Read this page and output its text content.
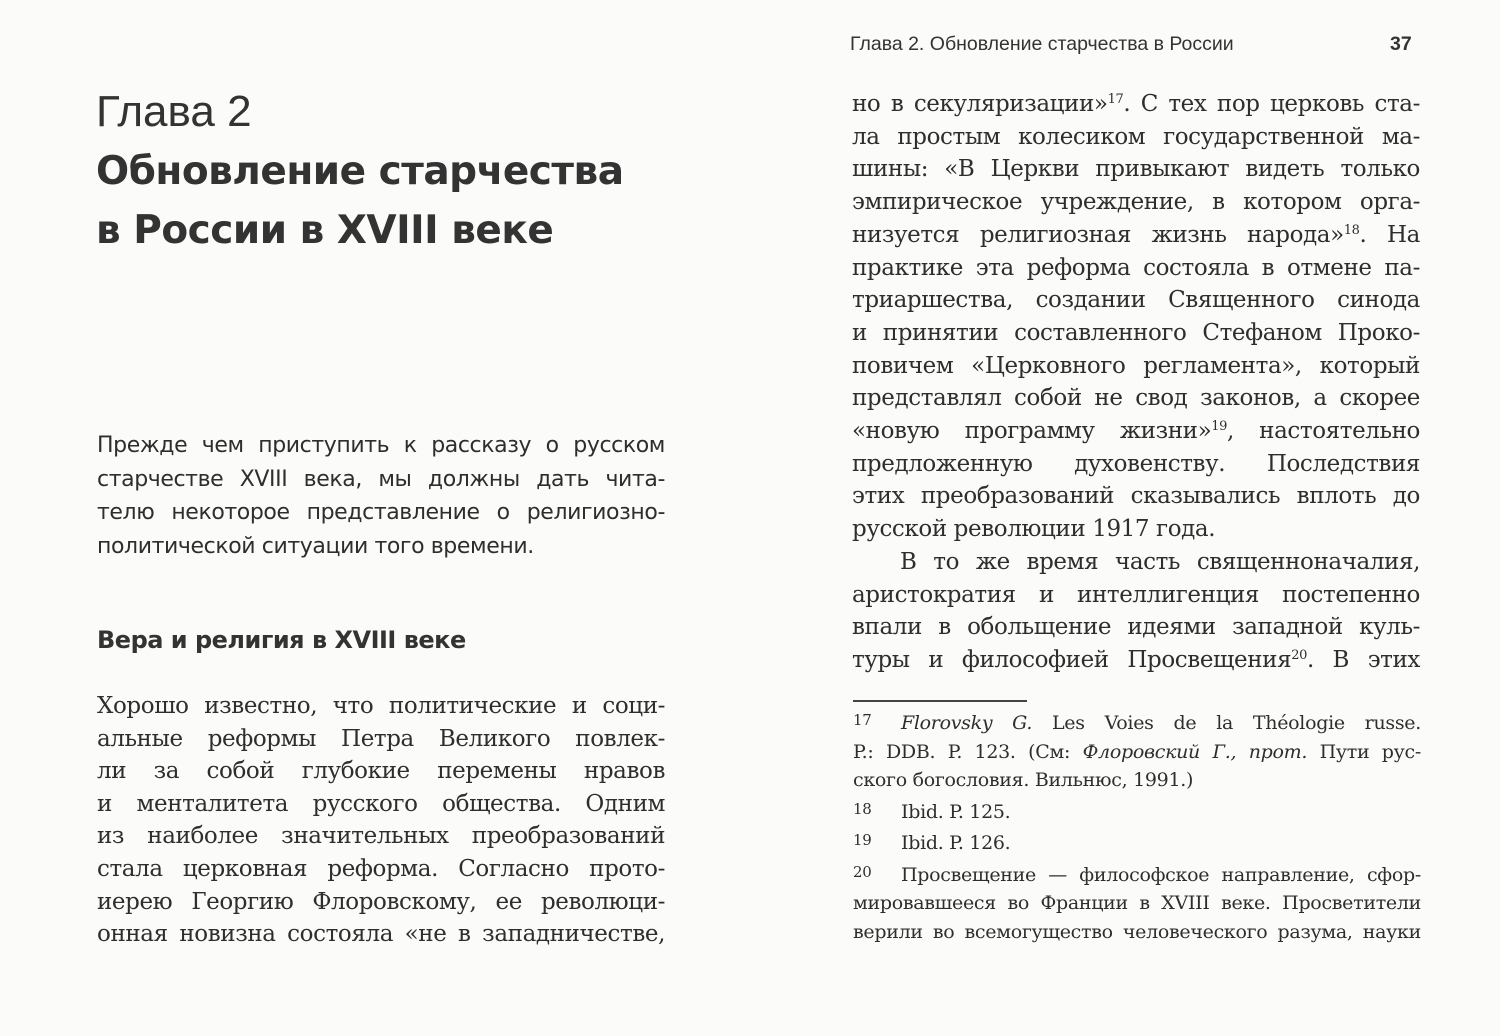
Глава 2
Обновление старчества
в России в XVIII веке
Прежде чем приступить к рассказу о русском
старчестве XVIII века, мы должны дать чита-
телю некоторое представление о религиозно-
политической ситуации того времени.
Вера и религия в XVIII веке
Хорошо известно, что политические и соци-
альные реформы Петра Великого повлек-
ли за собой глубокие перемены нравов
и менталитета русского общества. Одним
из наиболее значительных преобразований
стала церковная реформа. Согласно прото-
иерею Георгию Флоровскому, ее революци-
онная новизна состояла «не в западничестве,
Глава 2. Обновление старчества в России	37
но в секуляризации»$^{17}$. С тех пор церковь ста-
ла простым колесиком государственной ма-
шины: «В Церкви привыкают видеть только
эмпирическое учреждение, в котором орга-
низуется религиозная жизнь народа»$^{18}$. На
практике эта реформа состояла в отмене па-
триаршества, создании Священного синода
и принятии составленного Стефаном Проко-
повичем «Церковного регламента», который
представлял собой не свод законов, а скорее
«новую программу жизни»$^{19}$, настоятельно
предложенную духовенству. Последствия
этих преобразований сказывались вплоть до
русской революции 1917 года.
В то же время часть священноначалия,
аристократия и интеллигенция постепенно
впали в обольщение идеями западной куль-
туры и философией Просвещения$^{20}$. В этих
17 Florovsky G. Les Voies de la Théologie russe.
P.: DDB. P. 123. (См: Флоровский Г., прот. Пути рус-
ского богословия. Вильнюс, 1991.)
18 Ibid. P. 125.
19 Ibid. P. 126.
20 Просвещение — философское направление, сфор-
мировавшееся во Франции в XVIII веке. Просветители
верили во всемогущество человеческого разума, науки
